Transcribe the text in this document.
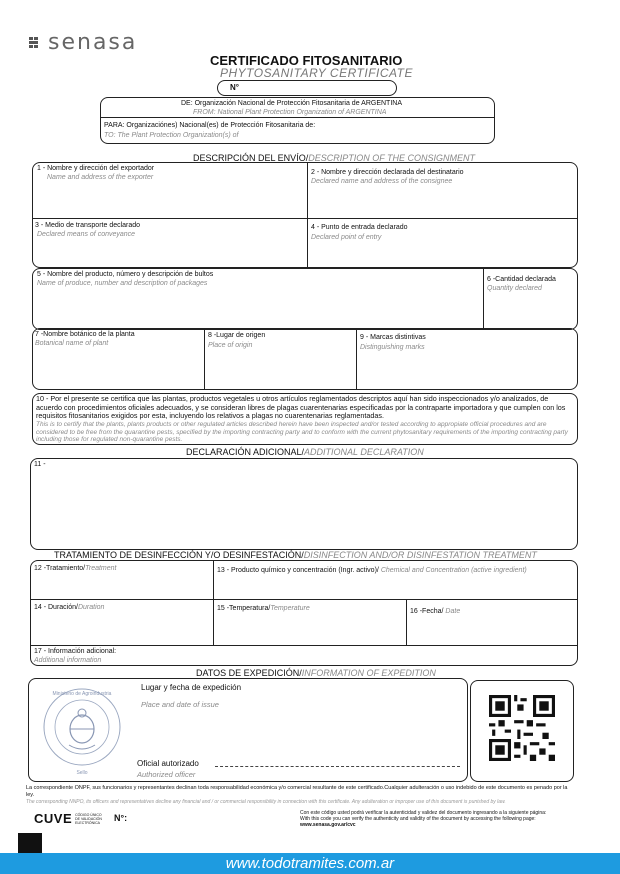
senasa
CERTIFICADO FITOSANITARIO
PHYTOSANITARY CERTIFICATE
N°
DE: Organización Nacional de Protección Fitosanitaria de ARGENTINA
FROM: National Plant Protection Organization of ARGENTINA
PARA: Organizaciónes) Nacional(es) de Protección Fitosanitaria de:
TO: The Plant Protection Organization(s) of
DESCRIPCIÓN DEL ENVÍO/DESCRIPTION OF THE CONSIGNMENT
1 - Nombre y dirección del exportador
Name and address of the exporter
2 - Nombre y dirección declarada del destinatario
Declared name and address of the consignee
3 - Medio de transporte declarado
Declared means of conveyance
4 - Punto de entrada declarado
Declared point of entry
5 - Nombre del producto, número y descripción de bultos
Name of produce, number and description of packages
6 -Cantidad declarada
Quantity declared
7 -Nombre botánico de la planta
Botanical name of plant
8 -Lugar de origen
Place of origin
9 - Marcas distintivas
Distinguishing marks
10 - Por el presente se certifica que las plantas, productos vegetales u otros artículos reglamentados descriptos aquí han sido inspeccionados y/o analizados, de acuerdo con procedimientos oficiales adecuados, y se consideran libres de plagas cuarentenarias especificadas por la contraparte importadora y que cumplen con los requisitos fitosanitarios exigidos por esta, incluyendo los relativos a plagas no cuarentenarias reglamentadas.
This is to certify that the plants, plants products or other regulated articles described herein have been inspected and/or tested according to appropiate official procedures and are considered to be free from the quarantine pests, specified by the importing contracting party and to conform with the current phytosanitary requirements of the importing contracting party including those for regulated non-quarantine pests.
DECLARACIÓN ADICIONAL/ADDITIONAL DECLARATION
11 -
TRATAMIENTO DE DESINFECCIÓN Y/O DESINFESTACIÓN/DISINFECTION AND/OR DISINFESTATION TREATMENT
12 -Tratamiento/Treatment	13 - Producto químico y concentración (Ingr. activo)/ Chemical and Concentration (active ingredient)
14 - Duración/Duration	15 -Temperatura/Temperature	16 -Fecha/ Date
17 - Información adicional:
Additional information
DATOS DE EXPEDICIÓN/INFORMATION OF EXPEDITION
Ministerio de Agroindustria
Sello
Lugar y fecha de expedición
Place and date of issue
Oficial autorizado
Authorized officer
La correspondiente ONPF, sus funcionarios y representantes declinan toda responsabilidad económica y/o comercial resultante de este certificado.Cualquier adulteración o uso indebido de este documento es penado por la ley.
The corresponding NNPO, its officers and representatives decline any financial and / or commercial responsibility in connection with this certificate. Any adulteration or improper use of this document is punished by law.
CUVE CÓDIGO ÚNICO DE VALIDACIÓN ELECTRÓNICA	N°:	Con este código usted podrá verificar la autenticidad y validez del documento ingresando a la siguiente página:
With this code you can verify the authenticity and validity of the document by accessing the following page:
www.senasa.gov.ar/cvc
www.todotramites.com.ar
